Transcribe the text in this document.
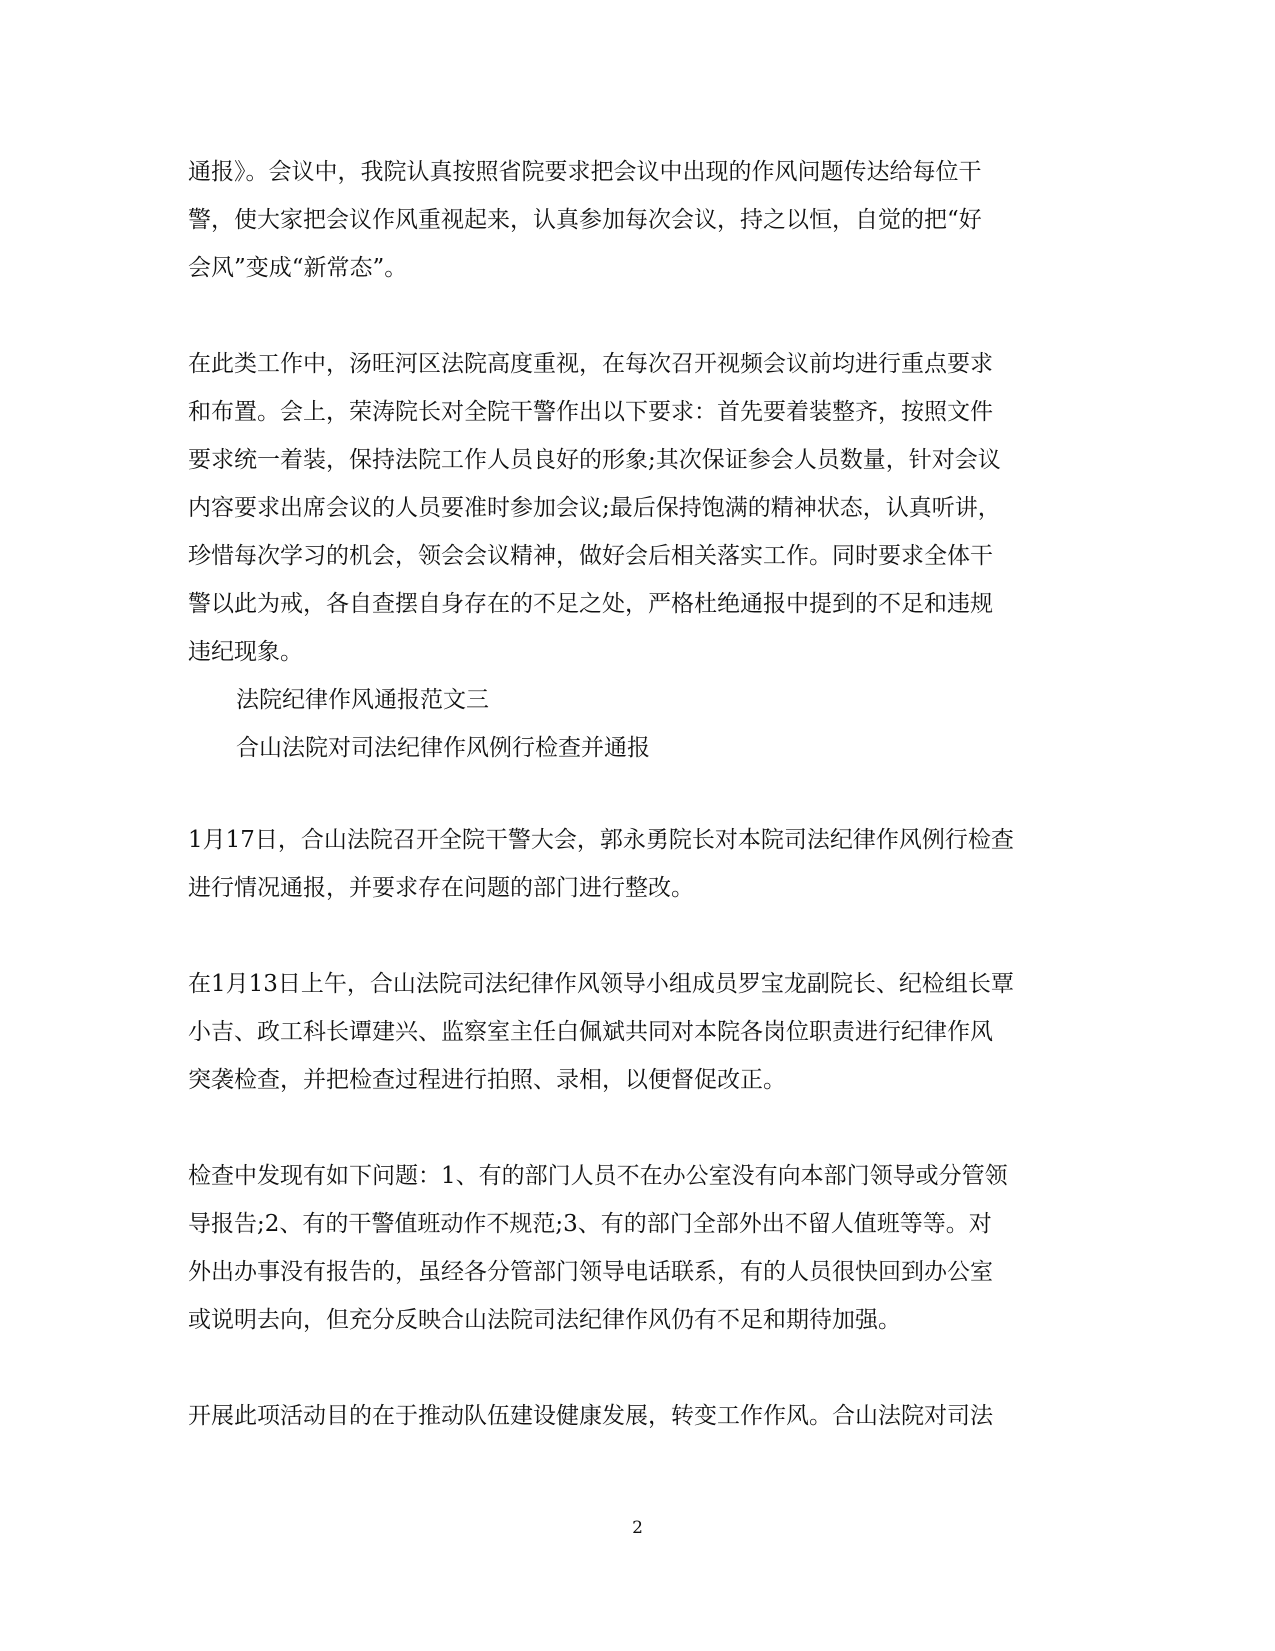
通报》。会议中，我院认真按照省院要求把会议中出现的作风问题传达给每位干
警，使大家把会议作风重视起来，认真参加每次会议，持之以恒，自觉的把“好
会风”变成“新常态”。
在此类工作中，汤旺河区法院高度重视，在每次召开视频会议前均进行重点要求
和布置。会上，荣涛院长对全院干警作出以下要求：首先要着装整齐，按照文件
要求统一着装，保持法院工作人员良好的形象;其次保证参会人员数量，针对会议
内容要求出席会议的人员要准时参加会议;最后保持饱满的精神状态，认真听讲，
珍惜每次学习的机会，领会会议精神，做好会后相关落实工作。同时要求全体干
警以此为戒，各自查摆自身存在的不足之处，严格杜绝通报中提到的不足和违规
违纪现象。
法院纪律作风通报范文三
合山法院对司法纪律作风例行检查并通报
1月17日，合山法院召开全院干警大会，郭永勇院长对本院司法纪律作风例行检查
进行情况通报，并要求存在问题的部门进行整改。
在1月13日上午，合山法院司法纪律作风领导小组成员罗宝龙副院长、纪检组长覃
小吉、政工科长谭建兴、监察室主任白佩斌共同对本院各岗位职责进行纪律作风
突袭检查，并把检查过程进行拍照、录相，以便督促改正。
检查中发现有如下问题：1、有的部门人员不在办公室没有向本部门领导或分管领
导报告;2、有的干警值班动作不规范;3、有的部门全部外出不留人值班等等。对
外出办事没有报告的，虽经各分管部门领导电话联系，有的人员很快回到办公室
或说明去向，但充分反映合山法院司法纪律作风仍有不足和期待加强。
开展此项活动目的在于推动队伍建设健康发展，转变工作作风。合山法院对司法
2
